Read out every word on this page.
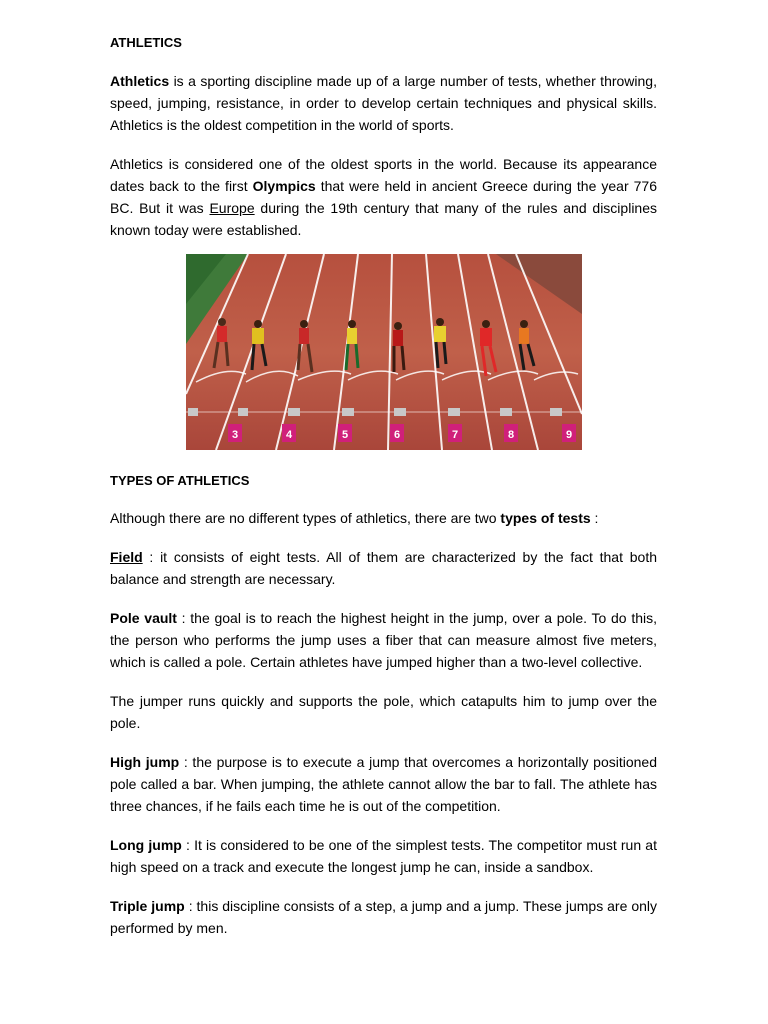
ATHLETICS

Athletics is a sporting discipline made up of a large number of tests, whether throwing, speed, jumping, resistance, in order to develop certain techniques and physical skills. Athletics is the oldest competition in the world of sports.

Athletics is considered one of the oldest sports in the world. Because its appearance dates back to the first Olympics that were held in ancient Greece during the year 776 BC. But it was Europe during the 19th century that many of the rules and disciplines known today were established.

3	4	5	6	7	8	9
TYPES OF ATHLETICS

Although there are no different types of athletics, there are two types of tests :

Field : it consists of eight tests. All of them are characterized by the fact that both balance and strength are necessary.

Pole vault : the goal is to reach the highest height in the jump, over a pole. To do this, the person who performs the jump uses a fiber that can measure almost five meters, which is called a pole. Certain athletes have jumped higher than a two-level collective.

The jumper runs quickly and supports the pole, which catapults him to jump over the pole.

High jump : the purpose is to execute a jump that overcomes a horizontally positioned pole called a bar. When jumping, the athlete cannot allow the bar to fall. The athlete has three chances, if he fails each time he is out of the competition.

Long jump : It is considered to be one of the simplest tests. The competitor must run at high speed on a track and execute the longest jump he can, inside a sandbox.

Triple jump : this discipline consists of a step, a jump and a jump. These jumps are only performed by men.
